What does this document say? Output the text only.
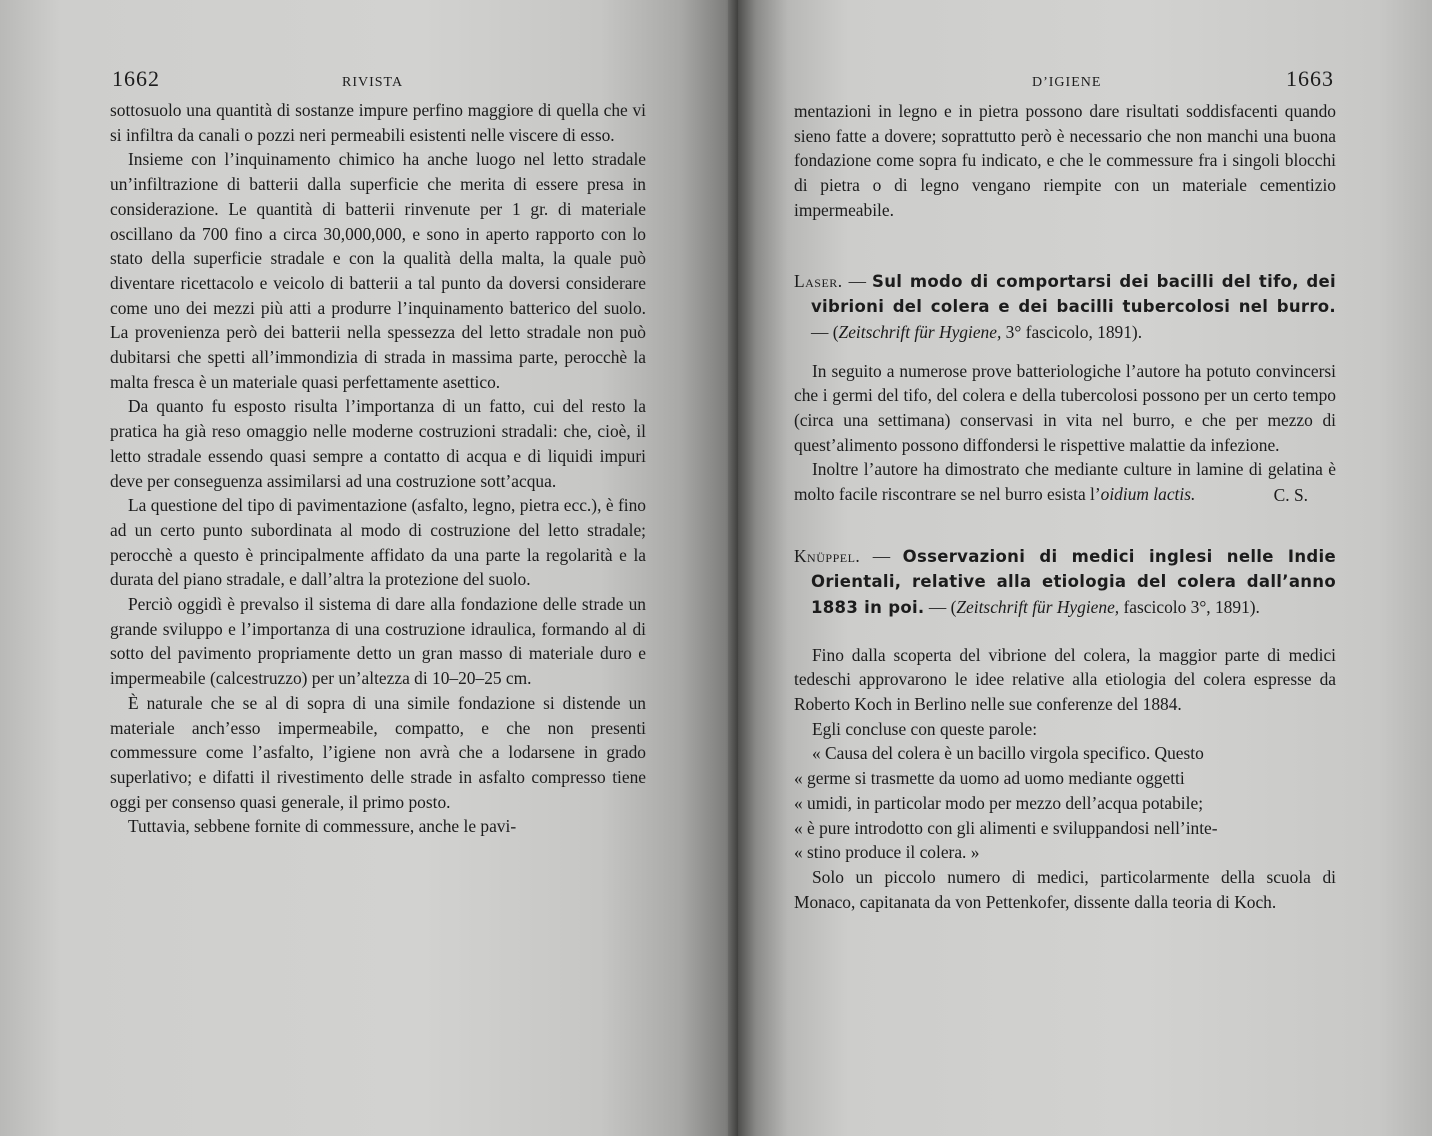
1662	RIVISTA

sottosuolo una quantità di sostanze impure perfino maggiore di quella che vi si infiltra da canali o pozzi neri permeabili esistenti nelle viscere di esso.

Insieme con l’inquinamento chimico ha anche luogo nel letto stradale un’infiltrazione di batterii dalla superficie che merita di essere presa in considerazione. Le quantità di batterii rinvenute per 1 gr. di materiale oscillano da 700 fino a circa 30,000,000, e sono in aperto rapporto con lo stato della superficie stradale e con la qualità della malta, la quale può diventare ricettacolo e veicolo di batterii a tal punto da doversi considerare come uno dei mezzi più atti a produrre l’inquinamento batterico del suolo. La provenienza però dei batterii nella spessezza del letto stradale non può dubitarsi che spetti all’immondizia di strada in massima parte, perocchè la malta fresca è un materiale quasi perfettamente asettico.

Da quanto fu esposto risulta l’importanza di un fatto, cui del resto la pratica ha già reso omaggio nelle moderne costruzioni stradali: che, cioè, il letto stradale essendo quasi sempre a contatto di acqua e di liquidi impuri deve per conseguenza assimilarsi ad una costruzione sott’acqua.

La questione del tipo di pavimentazione (asfalto, legno, pietra ecc.), è fino ad un certo punto subordinata al modo di costruzione del letto stradale; perocchè a questo è principalmente affidato da una parte la regolarità e la durata del piano stradale, e dall’altra la protezione del suolo.

Perciò oggidì è prevalso il sistema di dare alla fondazione delle strade un grande sviluppo e l’importanza di una costruzione idraulica, formando al di sotto del pavimento propriamente detto un gran masso di materiale duro e impermeabile (calcestruzzo) per un’altezza di 10–20–25 cm.

È naturale che se al di sopra di una simile fondazione si distende un materiale anch’esso impermeabile, compatto, e che non presenti commessure come l’asfalto, l’igiene non avrà che a lodarsene in grado superlativo; e difatti il rivestimento delle strade in asfalto compresso tiene oggi per consenso quasi generale, il primo posto.

Tuttavia, sebbene fornite di commessure, anche le pavi-

D’IGIENE	1663

mentazioni in legno e in pietra possono dare risultati soddisfacenti quando sieno fatte a dovere; soprattutto però è necessario che non manchi una buona fondazione come sopra fu indicato, e che le commessure fra i singoli blocchi di pietra o di legno vengano riempite con un materiale cementizio impermeabile.

Laser. — Sul modo di comportarsi dei bacilli del tifo, dei vibrioni del colera e dei bacilli tubercolosi nel burro. — (Zeitschrift für Hygiene, 3° fascicolo, 1891).

In seguito a numerose prove batteriologiche l’autore ha potuto convincersi che i germi del tifo, del colera e della tubercolosi possono per un certo tempo (circa una settimana) conservasi in vita nel burro, e che per mezzo di quest’alimento possono diffondersi le rispettive malattie da infezione.

Inoltre l’autore ha dimostrato che mediante culture in lamine di gelatina è molto facile riscontrare se nel burro esista l’oidium lactis.	C. S.

Knüppel. — Osservazioni di medici inglesi nelle Indie Orientali, relative alla etiologia del colera dall’anno 1883 in poi. — (Zeitschrift für Hygiene, fascicolo 3°, 1891).

Fino dalla scoperta del vibrione del colera, la maggior parte di medici tedeschi approvarono le idee relative alla etiologia del colera espresse da Roberto Koch in Berlino nelle sue conferenze del 1884.

Egli concluse con queste parole:

« Causa del colera è un bacillo virgola specifico. Questo

« germe si trasmette da uomo ad uomo mediante oggetti

« umidi, in particolar modo per mezzo dell’acqua potabile;

« è pure introdotto con gli alimenti e sviluppandosi nell’inte-

« stino produce il colera. »

Solo un piccolo numero di medici, particolarmente della scuola di Monaco, capitanata da von Pettenkofer, dissente dalla teoria di Koch.
